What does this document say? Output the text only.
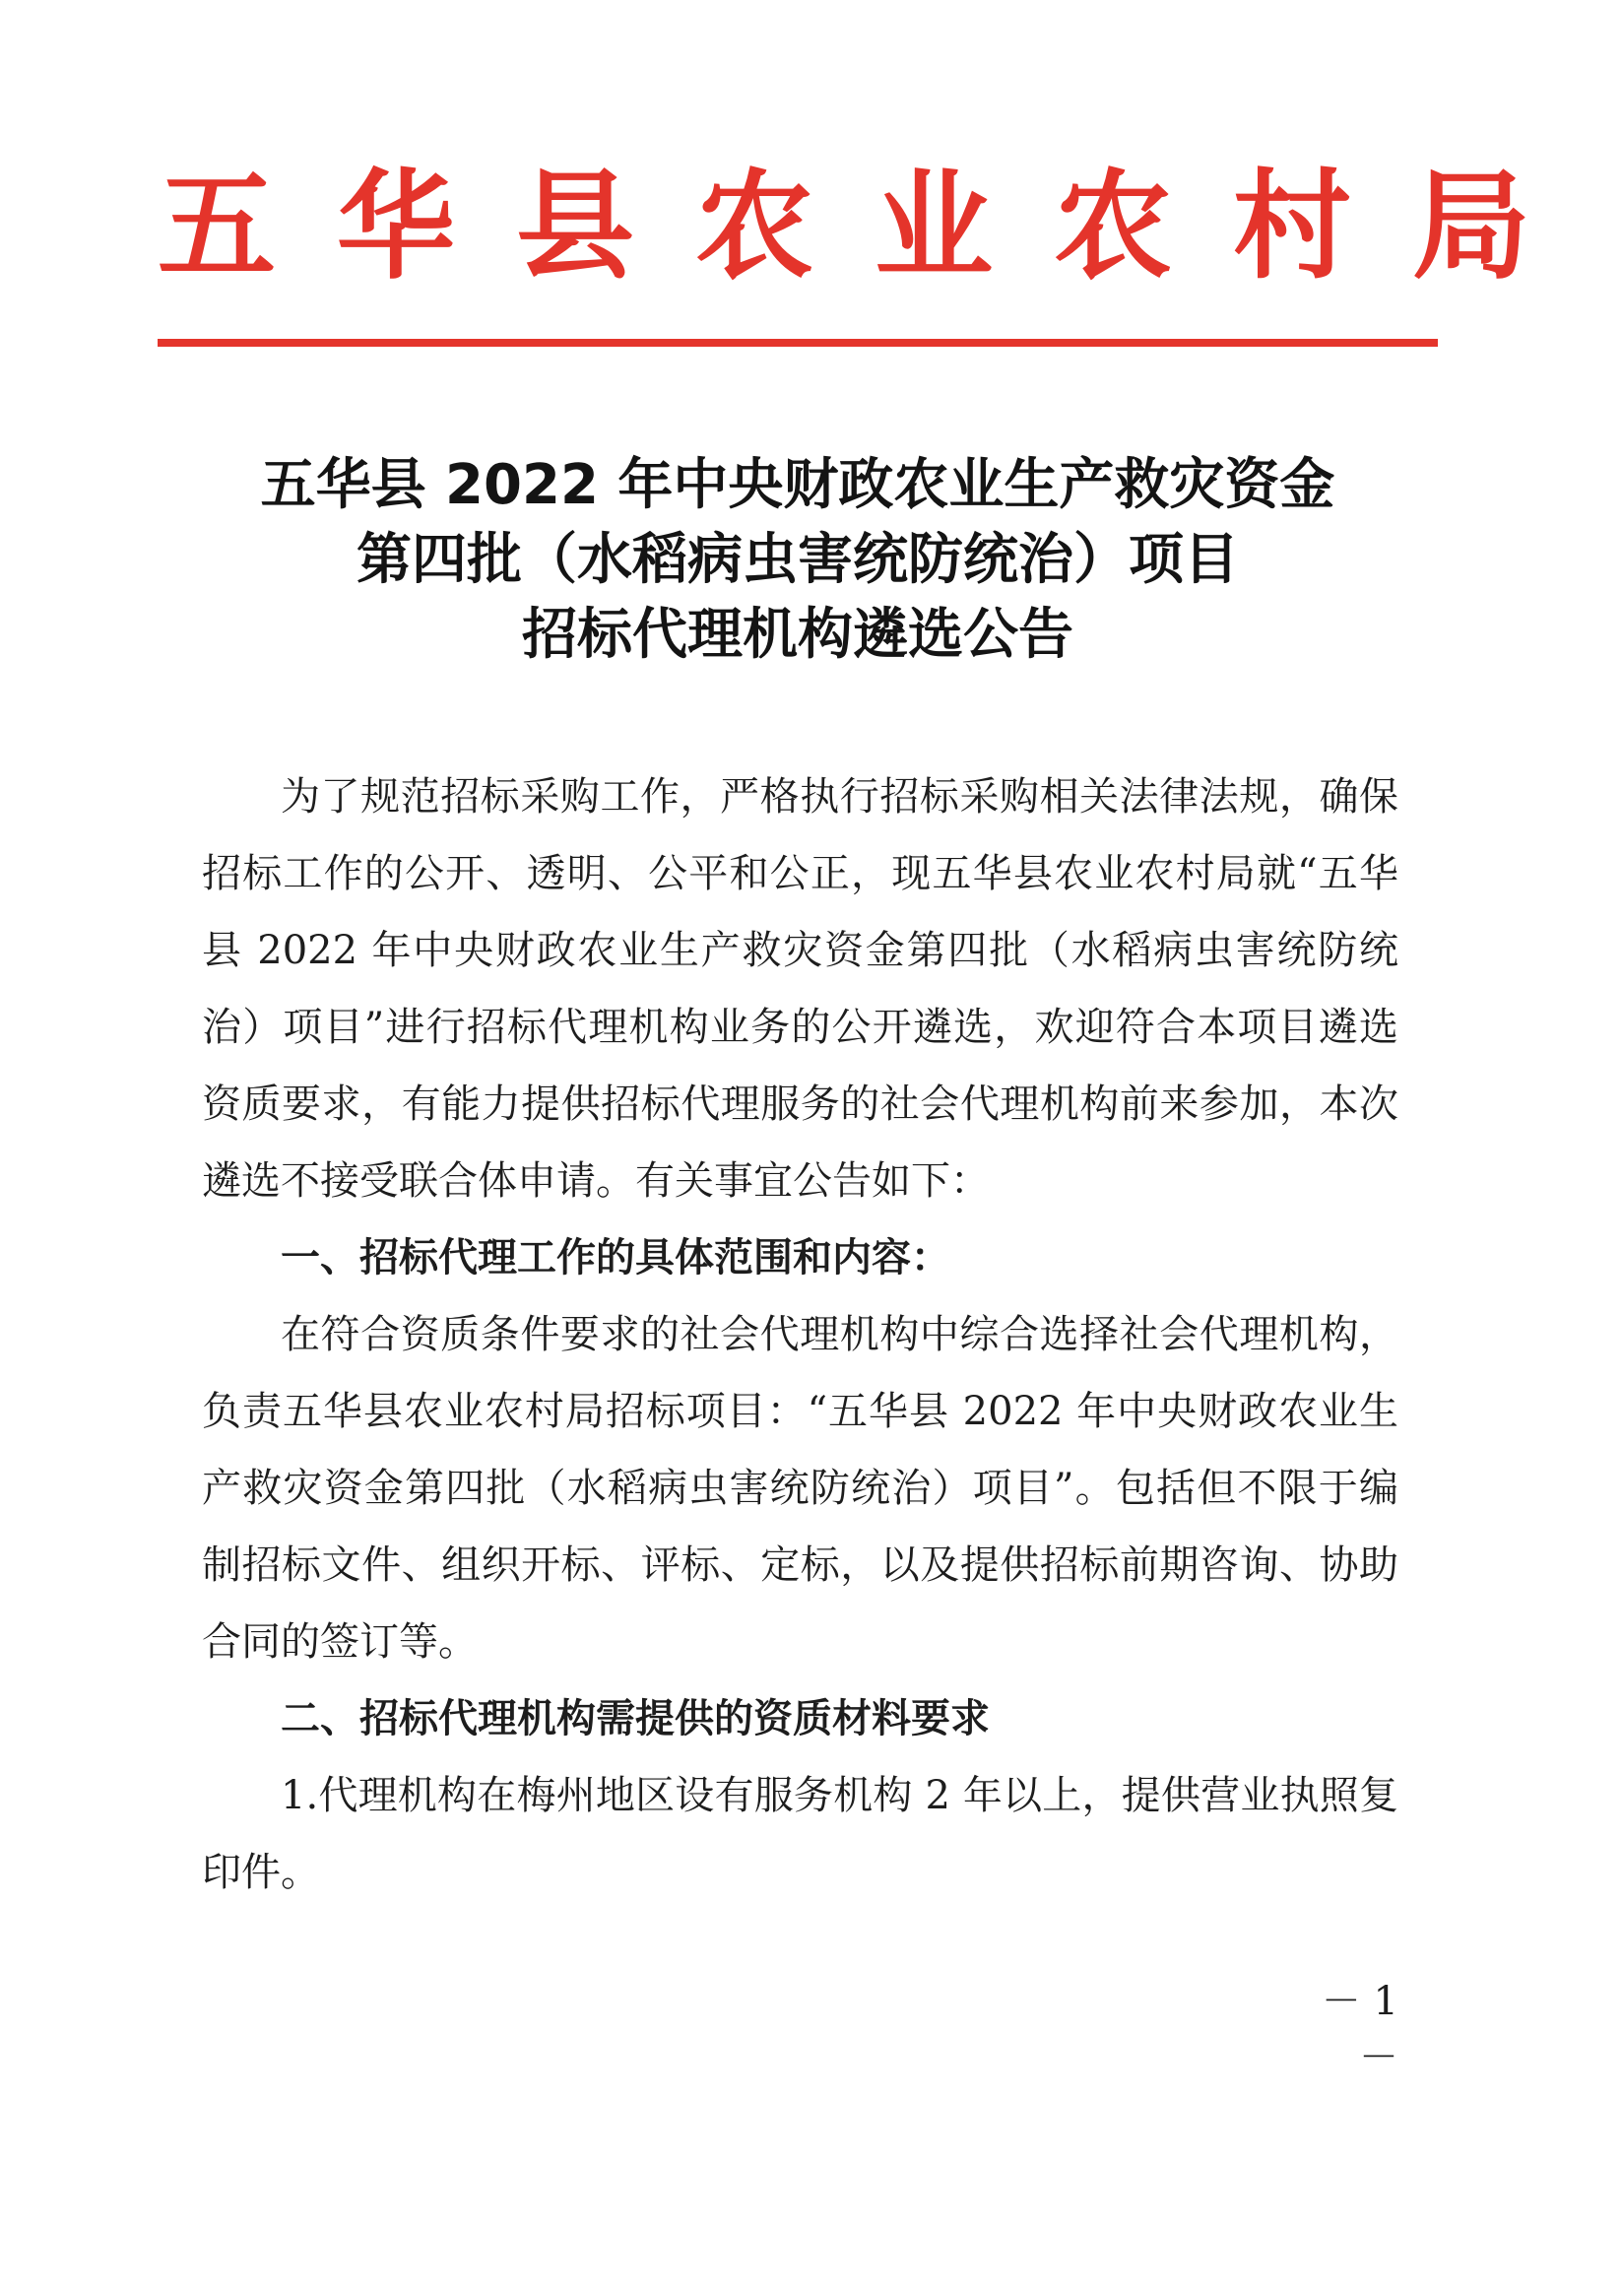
五华县农业农村局
五华县 2022 年中央财政农业生产救灾资金
第四批（水稻病虫害统防统治）项目
招标代理机构遴选公告

为了规范招标采购工作，严格执行招标采购相关法律法规，确保招标工作的公开、透明、公平和公正，现五华县农业农村局就“五华县 2022 年中央财政农业生产救灾资金第四批（水稻病虫害统防统治）项目”进行招标代理机构业务的公开遴选，欢迎符合本项目遴选资质要求，有能力提供招标代理服务的社会代理机构前来参加，本次遴选不接受联合体申请。有关事宜公告如下：

一、招标代理工作的具体范围和内容：

在符合资质条件要求的社会代理机构中综合选择社会代理机构，负责五华县农业农村局招标项目：“五华县 2022 年中央财政农业生产救灾资金第四批（水稻病虫害统防统治）项目”。包括但不限于编制招标文件、组织开标、评标、定标，以及提供招标前期咨询、协助合同的签订等。

二、招标代理机构需提供的资质材料要求

1.代理机构在梅州地区设有服务机构 2 年以上，提供营业执照复印件。

－ 1 －
